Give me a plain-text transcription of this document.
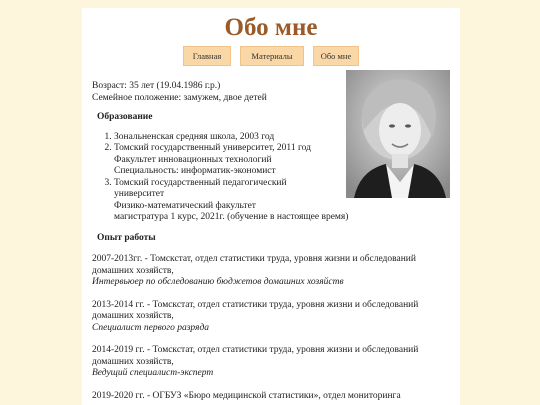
Обо мне
Главная	Материалы	Обо мне
Возраст: 35 лет (19.04.1986 г.р.)
Семейное положение: замужем, двое детей
Образование
1. Зональненская средняя школа, 2003 год
2. Томский государственный университет, 2011 год
Факультет инновационных технологий
Специальность: информатик-экономист
3. Томский государственный педагогический
университет
Физико-математический факультет
магистратура 1 курс, 2021г. (обучение в настоящее время)
Опыт работы
2007-2013гг. - Томскстат, отдел статистики труда, уровня жизни и обследований
домашних хозяйств,
Интервьюер по обследованию бюджетов домашних хозяйств
2013-2014 гг. - Томскстат, отдел статистики труда, уровня жизни и обследований
домашних хозяйств,
Специалист первого разряда
2014-2019 гг. - Томскстат, отдел статистики труда, уровня жизни и обследований
домашних хозяйств,
Ведущий специалист-эксперт
2019-2020 гг. - ОГБУЗ «Бюро медицинской статистики», отдел мониторинга
